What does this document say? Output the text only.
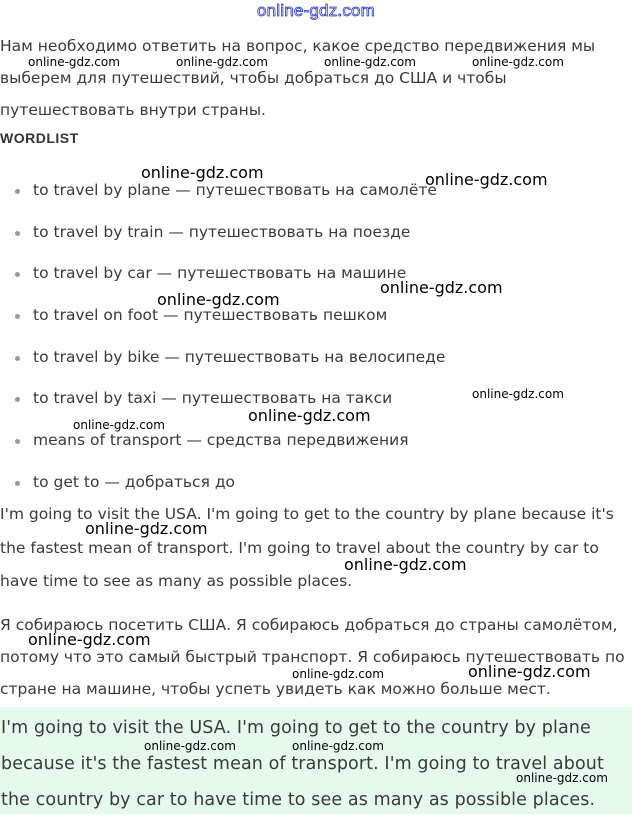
online-gdz.com

Нам необходимо ответить на вопрос, какое средство передвижения мы выберем для путешествий, чтобы добраться до США и чтобы путешествовать внутри страны.

WORDLIST
to travel by plane — путешествовать на самолёте
to travel by train — путешествовать на поезде
to travel by car — путешествовать на машине
to travel on foot — путешествовать пешком
to travel by bike — путешествовать на велосипеде
to travel by taxi — путешествовать на такси
means of transport — средства передвижения
to get to — добраться до

I'm going to visit the USA. I'm going to get to the country by plane because it's the fastest mean of transport. I'm going to travel about the country by car to have time to see as many as possible places.

Я собираюсь посетить США. Я собираюсь добраться до страны самолётом, потому что это самый быстрый транспорт. Я собираюсь путешествовать по стране на машине, чтобы успеть увидеть как можно больше мест.

I'm going to visit the USA. I'm going to get to the country by plane because it's the fastest mean of transport. I'm going to travel about the country by car to have time to see as many as possible places.

online-gdz.com	online-gdz.com	online-gdz.com	online-gdz.com
online-gdz.com	online-gdz.com
online-gdz.com
online-gdz.com
online-gdz.com
online-gdz.com
online-gdz.com
online-gdz.com
online-gdz.com
online-gdz.com
online-gdz.com	online-gdz.com
online-gdz.com	online-gdz.com
online-gdz.com
